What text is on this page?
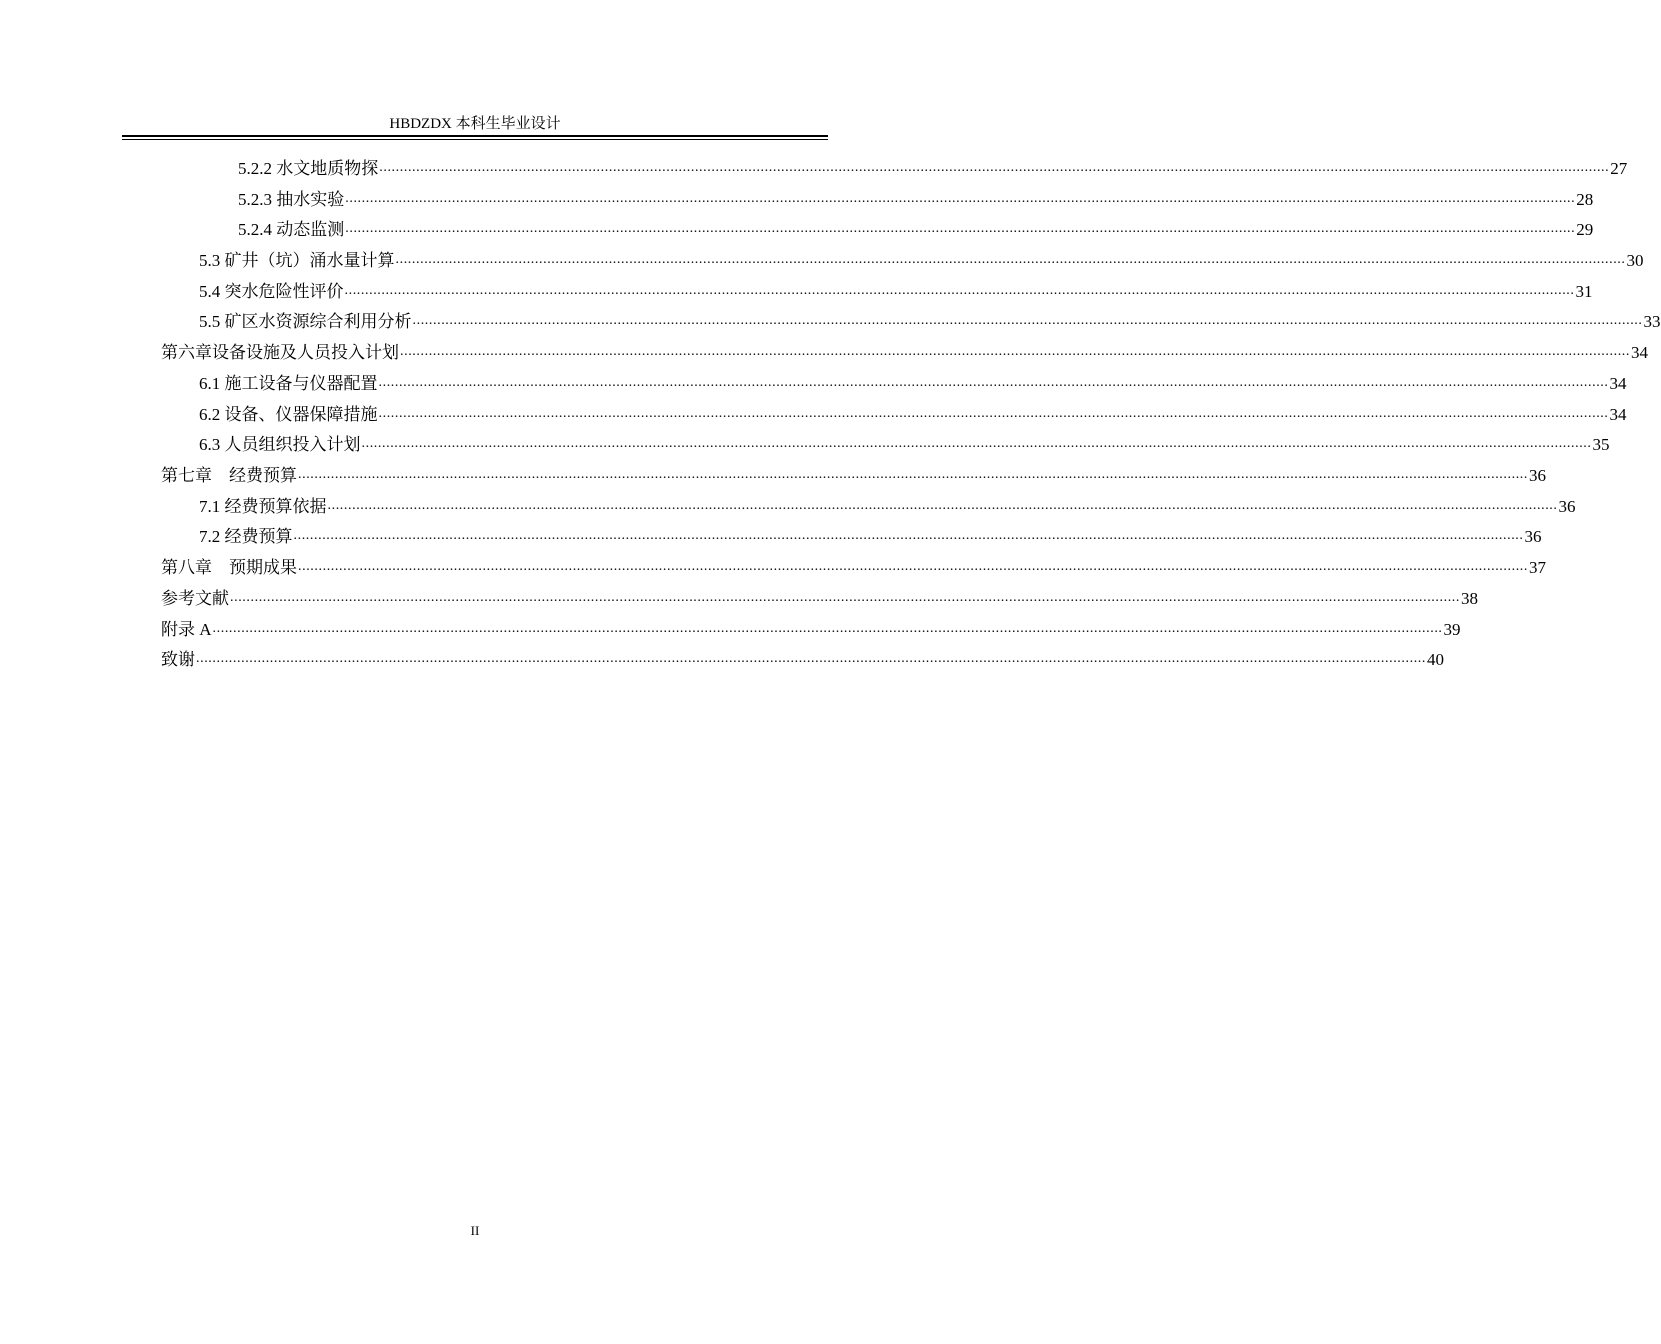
HBDZDX 本科生毕业设计
5.2.2 水文地质物探 ............................................................................................................................................................................................................................................................................................................ 27
5.2.3 抽水实验 ............................................................................................................................................................................................................................................................................................................ 28
5.2.4 动态监测 ............................................................................................................................................................................................................................................................................................................ 29
5.3 矿井（坑）涌水量计算 ............................................................................................................................................................................................................................................................................................................ 30
5.4 突水危险性评价 ............................................................................................................................................................................................................................................................................................................ 31
5.5 矿区水资源综合利用分析 ............................................................................................................................................................................................................................................................................................................ 33
第六章设备设施及人员投入计划 ............................................................................................................................................................................................................................................................................................................ 34
6.1 施工设备与仪器配置 ............................................................................................................................................................................................................................................................................................................ 34
6.2 设备、仪器保障措施 ............................................................................................................................................................................................................................................................................................................ 34
6.3 人员组织投入计划 ............................................................................................................................................................................................................................................................................................................ 35
第七章　经费预算 ............................................................................................................................................................................................................................................................................................................ 36
7.1 经费预算依据 ............................................................................................................................................................................................................................................................................................................ 36
7.2 经费预算 ............................................................................................................................................................................................................................................................................................................ 36
第八章　预期成果 ............................................................................................................................................................................................................................................................................................................ 37
参考文献 ............................................................................................................................................................................................................................................................................................................ 38
附录 A ............................................................................................................................................................................................................................................................................................................ 39
致谢 ............................................................................................................................................................................................................................................................................................................ 40
II
